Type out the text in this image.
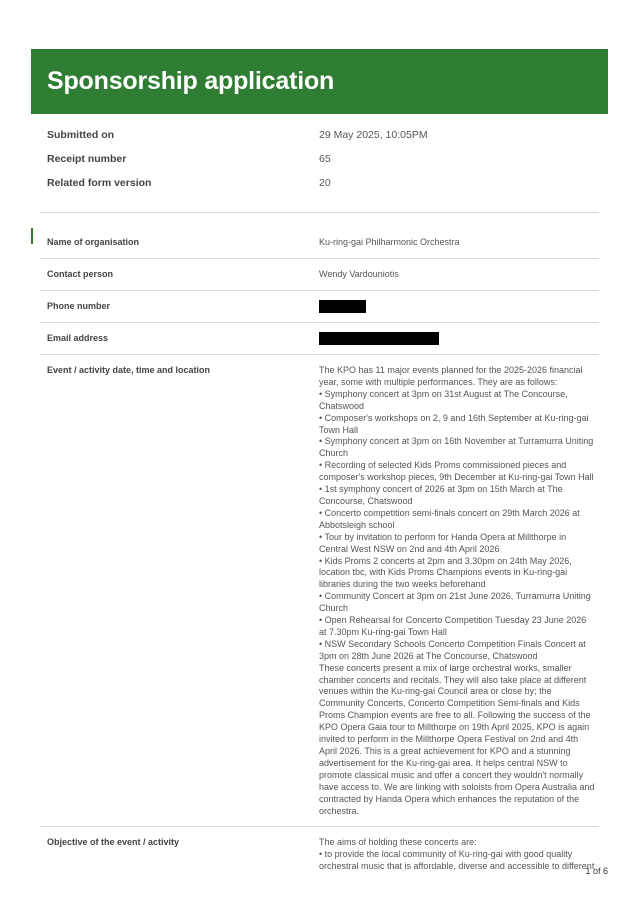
Sponsorship application
Submitted on	29 May 2025, 10:05PM
Receipt number	65
Related form version	20
Name of organisation	Ku-ring-gai Philharmonic Orchestra
Contact person	Wendy Vardouniotis
Phone number
Email address
Event / activity date, time and location	The KPO has 11 major events planned for the 2025-2026 financial year, some with multiple performances. They are as follows:

• Symphony concert at 3pm on 31st August at The Concourse, Chatswood

• Composer's workshops on 2, 9 and 16th September at Ku-ring-gai Town Hall

• Symphony concert at 3pm on 16th November at Turramurra Uniting Church

• Recording of selected Kids Proms commissioned pieces and composer's workshop pieces, 9th December at Ku-ring-gai Town Hall

• 1st symphony concert of 2026 at 3pm on 15th March at The Concourse, Chatswood

• Concerto competition semi-finals concert on 29th March 2026 at Abbotsleigh school

• Tour by invitation to perform for Handa Opera at Millthorpe in Central West NSW on 2nd and 4th April 2026

• Kids Proms 2 concerts at 2pm and 3.30pm on 24th May 2026, location tbc, with Kids Proms Champions events in Ku-ring-gai libraries during the two weeks beforehand

• Community Concert at 3pm on 21st June 2026, Turramurra Uniting Church

• Open Rehearsal for Concerto Competition Tuesday 23 June 2026 at 7.30pm Ku-ring-gai Town Hall

• NSW Secondary Schools Concerto Competition Finals Concert at 3pm on 28th June 2026 at The Concourse, Chatswood

These concerts present a mix of large orchestral works, smaller chamber concerts and recitals. They will also take place at different venues within the Ku-ring-gai Council area or close by; the Community Concerts, Concerto Competition Semi-finals and Kids Proms Champion events are free to all. Following the success of the KPO Opera Gaia tour to Millthorpe on 19th April 2025, KPO is again invited to perform in the Millthorpe Opera Festival on 2nd and 4th April 2026. This is a great achievement for KPO and a stunning advertisement for the Ku-ring-gai area. It helps central NSW to promote classical music and offer a concert they wouldn't normally have access to. We are linking with soloists from Opera Australia and contracted by Handa Opera which enhances the reputation of the orchestra.

Objective of the event / activity	The aims of holding these concerts are:

• to provide the local community of Ku-ring-gai with good quality orchestral music that is affordable, diverse and accessible to different

1 of 6
